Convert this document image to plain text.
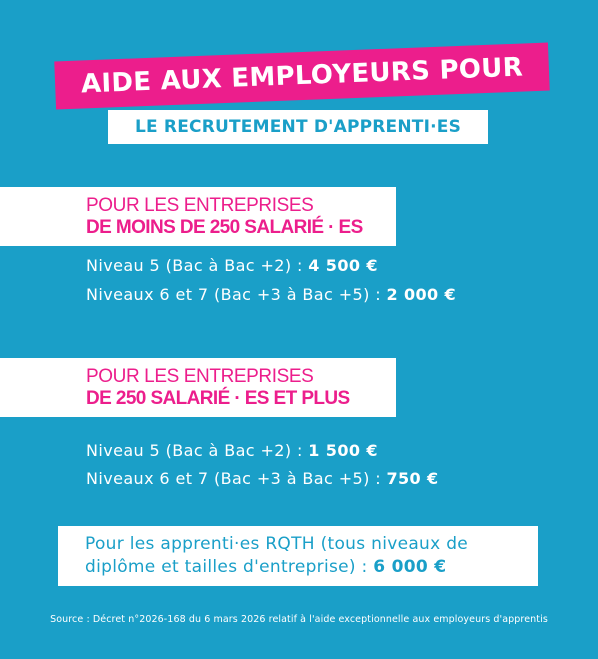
AIDE AUX EMPLOYEURS POUR
LE RECRUTEMENT D'APPRENTI·ES
POUR LES ENTREPRISES
DE MOINS DE 250 SALARIÉ · ES
Niveau 5 (Bac à Bac +2) : 4 500 €
Niveaux 6 et 7 (Bac +3 à Bac +5) : 2 000 €
POUR LES ENTREPRISES
DE 250 SALARIÉ · ES ET PLUS
Niveau 5 (Bac à Bac +2) : 1 500 €
Niveaux 6 et 7 (Bac +3 à Bac +5) : 750 €
Pour les apprenti·es RQTH (tous niveaux de
diplôme et tailles d'entreprise) : 6 000 €
Source : Décret n°2026-168 du 6 mars 2026 relatif à l'aide exceptionnelle aux employeurs d'apprentis
